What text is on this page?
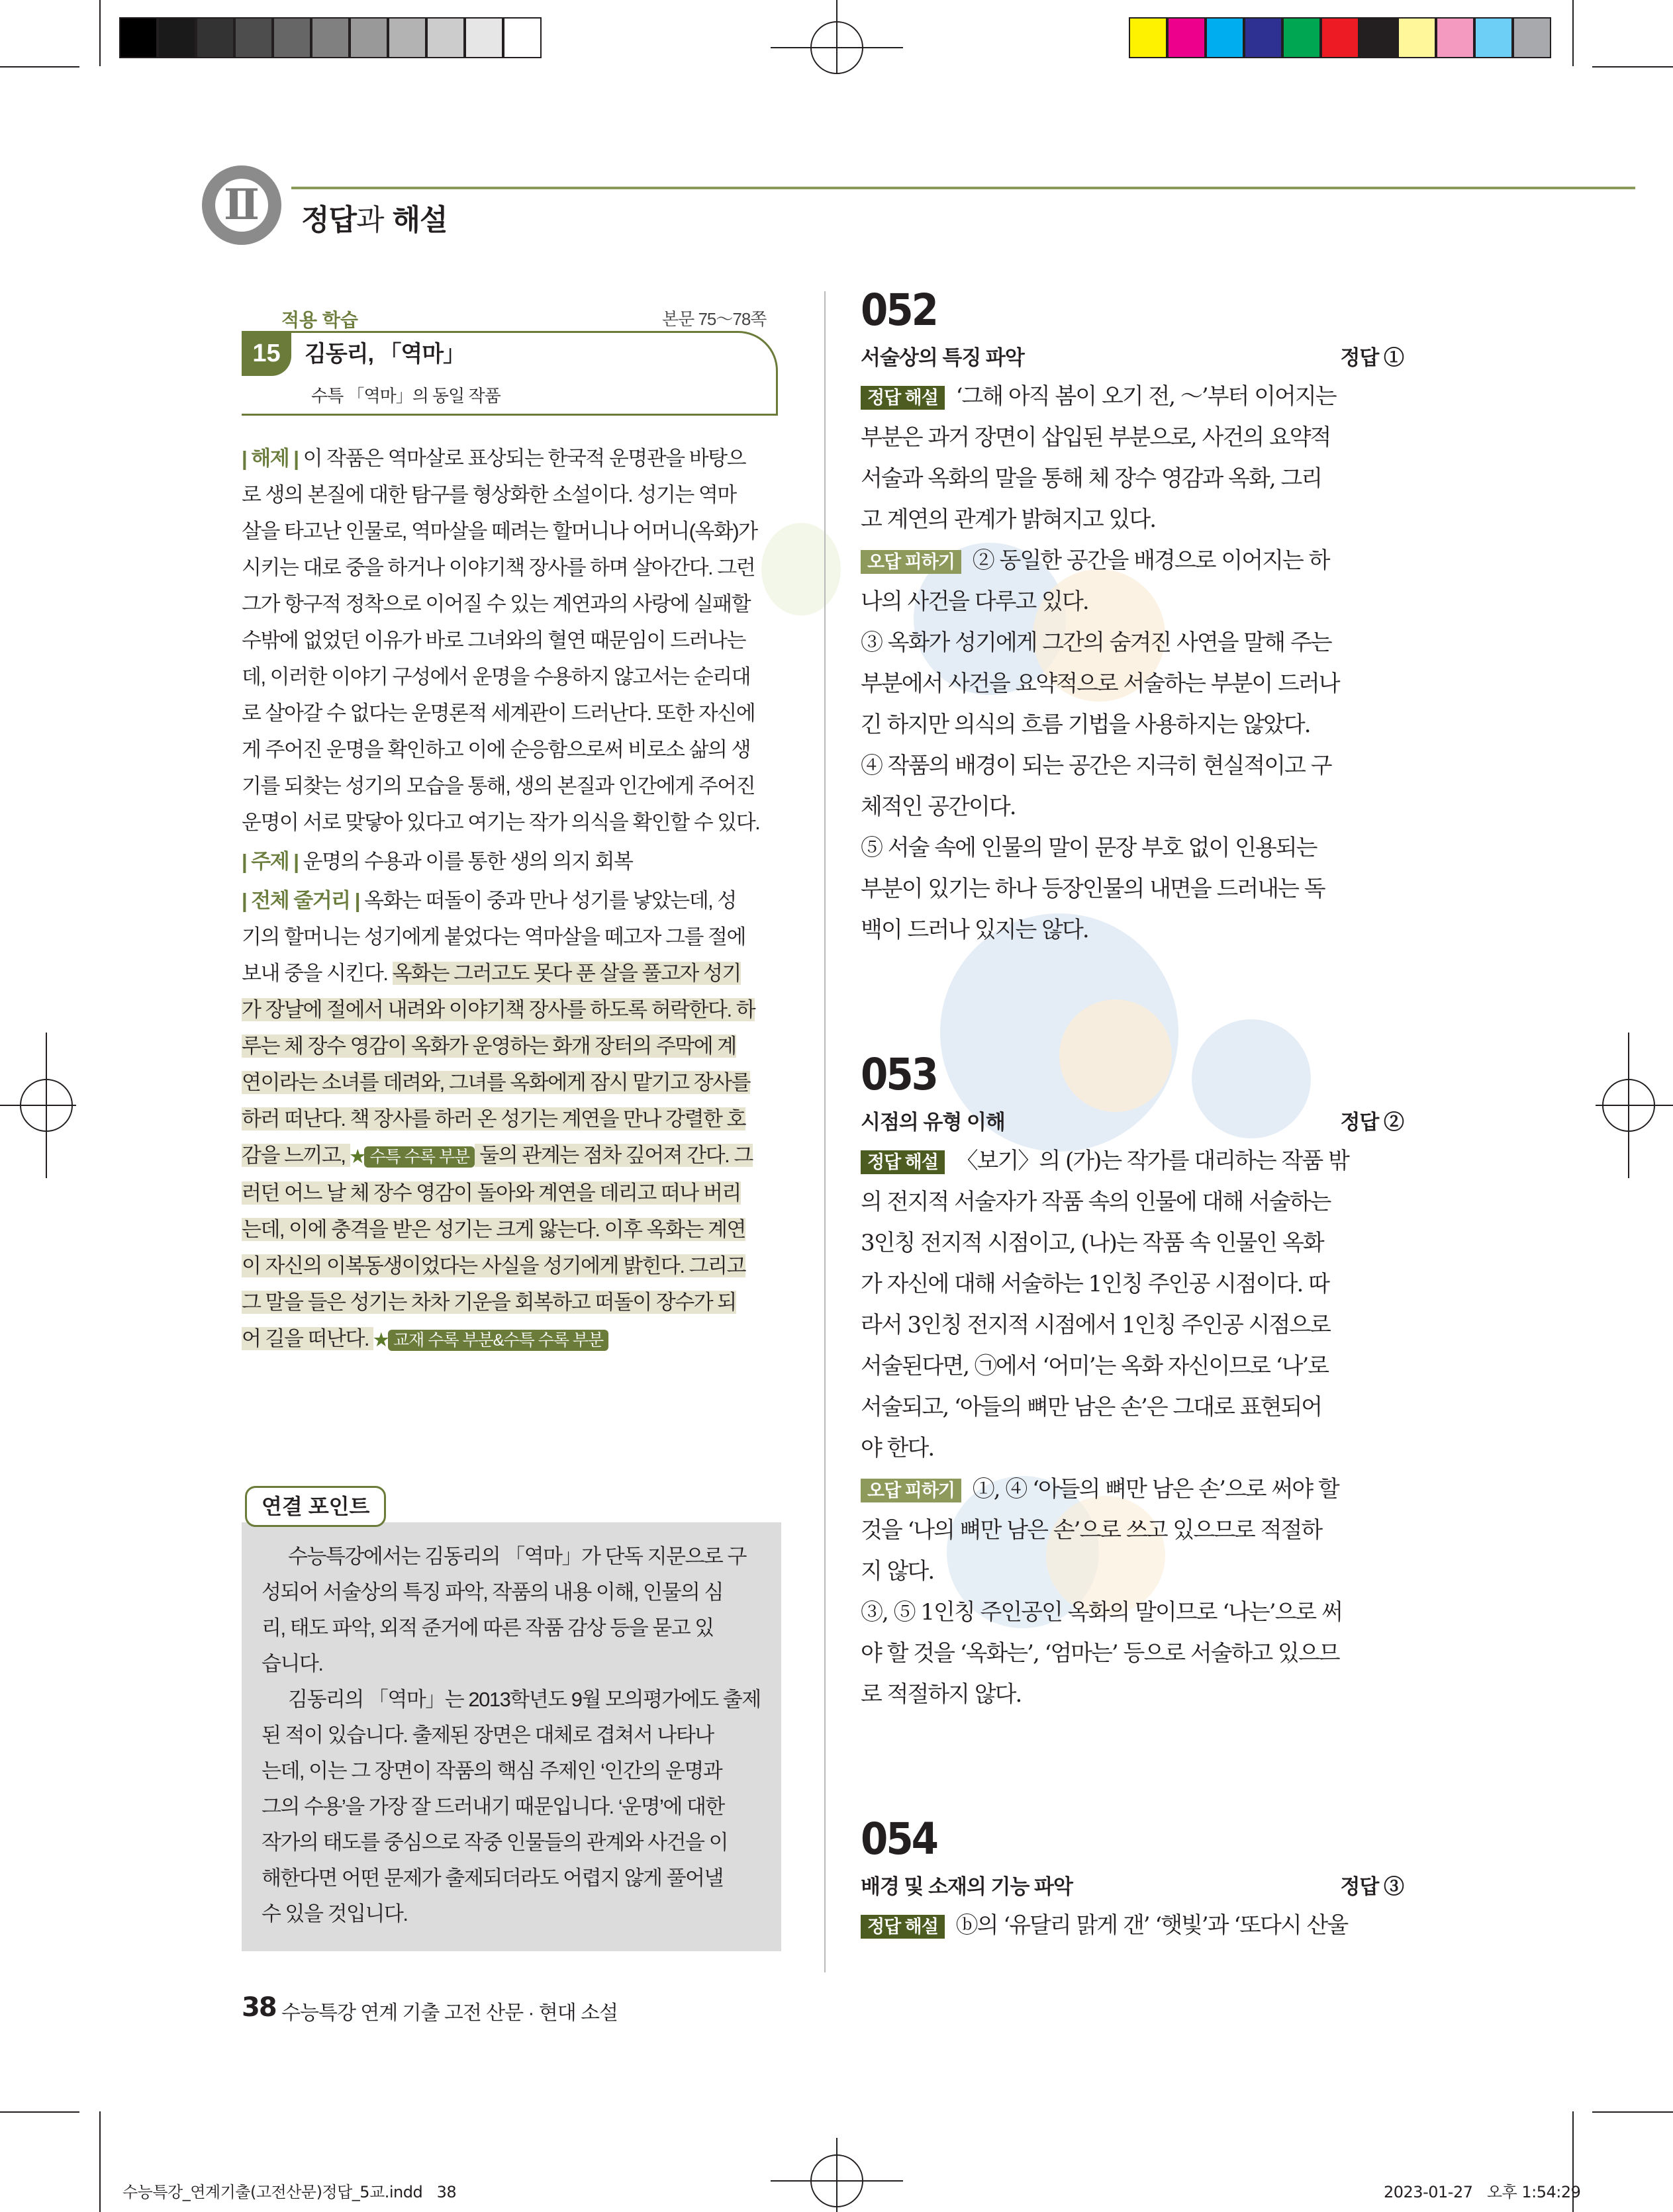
Ⅱ 정답과 해설
적용 학습	본문 75～78쪽
15	김동리, 「역마」
수특 「역마」의 동일 작품
| 해제 | 이 작품은 역마살로 표상되는 한국적 운명관을 바탕으
로 생의 본질에 대한 탐구를 형상화한 소설이다. 성기는 역마
살을 타고난 인물로, 역마살을 떼려는 할머니나 어머니(옥화)가
시키는 대로 중을 하거나 이야기책 장사를 하며 살아간다. 그런
그가 항구적 정착으로 이어질 수 있는 계연과의 사랑에 실패할
수밖에 없었던 이유가 바로 그녀와의 혈연 때문임이 드러나는
데, 이러한 이야기 구성에서 운명을 수용하지 않고서는 순리대
로 살아갈 수 없다는 운명론적 세계관이 드러난다. 또한 자신에
게 주어진 운명을 확인하고 이에 순응함으로써 비로소 삶의 생
기를 되찾는 성기의 모습을 통해, 생의 본질과 인간에게 주어진
운명이 서로 맞닿아 있다고 여기는 작가 의식을 확인할 수 있다.
| 주제 | 운명의 수용과 이를 통한 생의 의지 회복
| 전체 줄거리 | 옥화는 떠돌이 중과 만나 성기를 낳았는데, 성
기의 할머니는 성기에게 붙었다는 역마살을 떼고자 그를 절에
보내 중을 시킨다. 옥화는 그러고도 못다 푼 살을 풀고자 성기
가 장날에 절에서 내려와 이야기책 장사를 하도록 허락한다. 하
루는 체 장수 영감이 옥화가 운영하는 화개 장터의 주막에 계
연이라는 소녀를 데려와, 그녀를 옥화에게 잠시 맡기고 장사를
하러 떠난다. 책 장사를 하러 온 성기는 계연을 만나 강렬한 호
감을 느끼고, ★ 수특 수록 부분 둘의 관계는 점차 깊어져 간다. 그
러던 어느 날 체 장수 영감이 돌아와 계연을 데리고 떠나 버리
는데, 이에 충격을 받은 성기는 크게 앓는다. 이후 옥화는 계연
이 자신의 이복동생이었다는 사실을 성기에게 밝힌다. 그리고
그 말을 들은 성기는 차차 기운을 회복하고 떠돌이 장수가 되
어 길을 떠난다. ★ 교재 수록 부분&수특 수록 부분
연결 포인트
수능특강에서는 김동리의 「역마」가 단독 지문으로 구
성되어 서술상의 특징 파악, 작품의 내용 이해, 인물의 심
리, 태도 파악, 외적 준거에 따른 작품 감상 등을 묻고 있
습니다.
김동리의 「역마」는 2013학년도 9월 모의평가에도 출제
된 적이 있습니다. 출제된 장면은 대체로 겹쳐서 나타나
는데, 이는 그 장면이 작품의 핵심 주제인 ‘인간의 운명과
그의 수용’을 가장 잘 드러내기 때문입니다. ‘운명’에 대한
작가의 태도를 중심으로 작중 인물들의 관계와 사건을 이
해한다면 어떤 문제가 출제되더라도 어렵지 않게 풀어낼
수 있을 것입니다.
052
서술상의 특징 파악	정답 ①
정답 해설 ‘그해 아직 봄이 오기 전, ～’부터 이어지는
부분은 과거 장면이 삽입된 부분으로, 사건의 요약적
서술과 옥화의 말을 통해 체 장수 영감과 옥화, 그리
고 계연의 관계가 밝혀지고 있다.
오답 피하기 ② 동일한 공간을 배경으로 이어지는 하
나의 사건을 다루고 있다.
③ 옥화가 성기에게 그간의 숨겨진 사연을 말해 주는
부분에서 사건을 요약적으로 서술하는 부분이 드러나
긴 하지만 의식의 흐름 기법을 사용하지는 않았다.
④ 작품의 배경이 되는 공간은 지극히 현실적이고 구
체적인 공간이다.
⑤ 서술 속에 인물의 말이 문장 부호 없이 인용되는
부분이 있기는 하나 등장인물의 내면을 드러내는 독
백이 드러나 있지는 않다.
053
시점의 유형 이해	정답 ②
정답 해설 〈보기〉의 (가)는 작가를 대리하는 작품 밖
의 전지적 서술자가 작품 속의 인물에 대해 서술하는
3인칭 전지적 시점이고, (나)는 작품 속 인물인 옥화
가 자신에 대해 서술하는 1인칭 주인공 시점이다. 따
라서 3인칭 전지적 시점에서 1인칭 주인공 시점으로
서술된다면, ㉠에서 ‘어미’는 옥화 자신이므로 ‘나’로
서술되고, ‘아들의 뼈만 남은 손’은 그대로 표현되어
야 한다.
오답 피하기 ①, ④ ‘아들의 뼈만 남은 손’으로 써야 할
것을 ‘나의 뼈만 남은 손’으로 쓰고 있으므로 적절하
지 않다.
③, ⑤ 1인칭 주인공인 옥화의 말이므로 ‘나는’으로 써
야 할 것을 ‘옥화는’, ‘엄마는’ 등으로 서술하고 있으므
로 적절하지 않다.
054
배경 및 소재의 기능 파악	정답 ③
정답 해설 ⓑ의 ‘유달리 맑게 갠’ ‘햇빛’과 ‘또다시 산울
38 수능특강 연계 기출 고전 산문 · 현대 소설
수능특강_연계기출(고전산문)정답_5교.indd   38	2023-01-27   오후 1:54:29
